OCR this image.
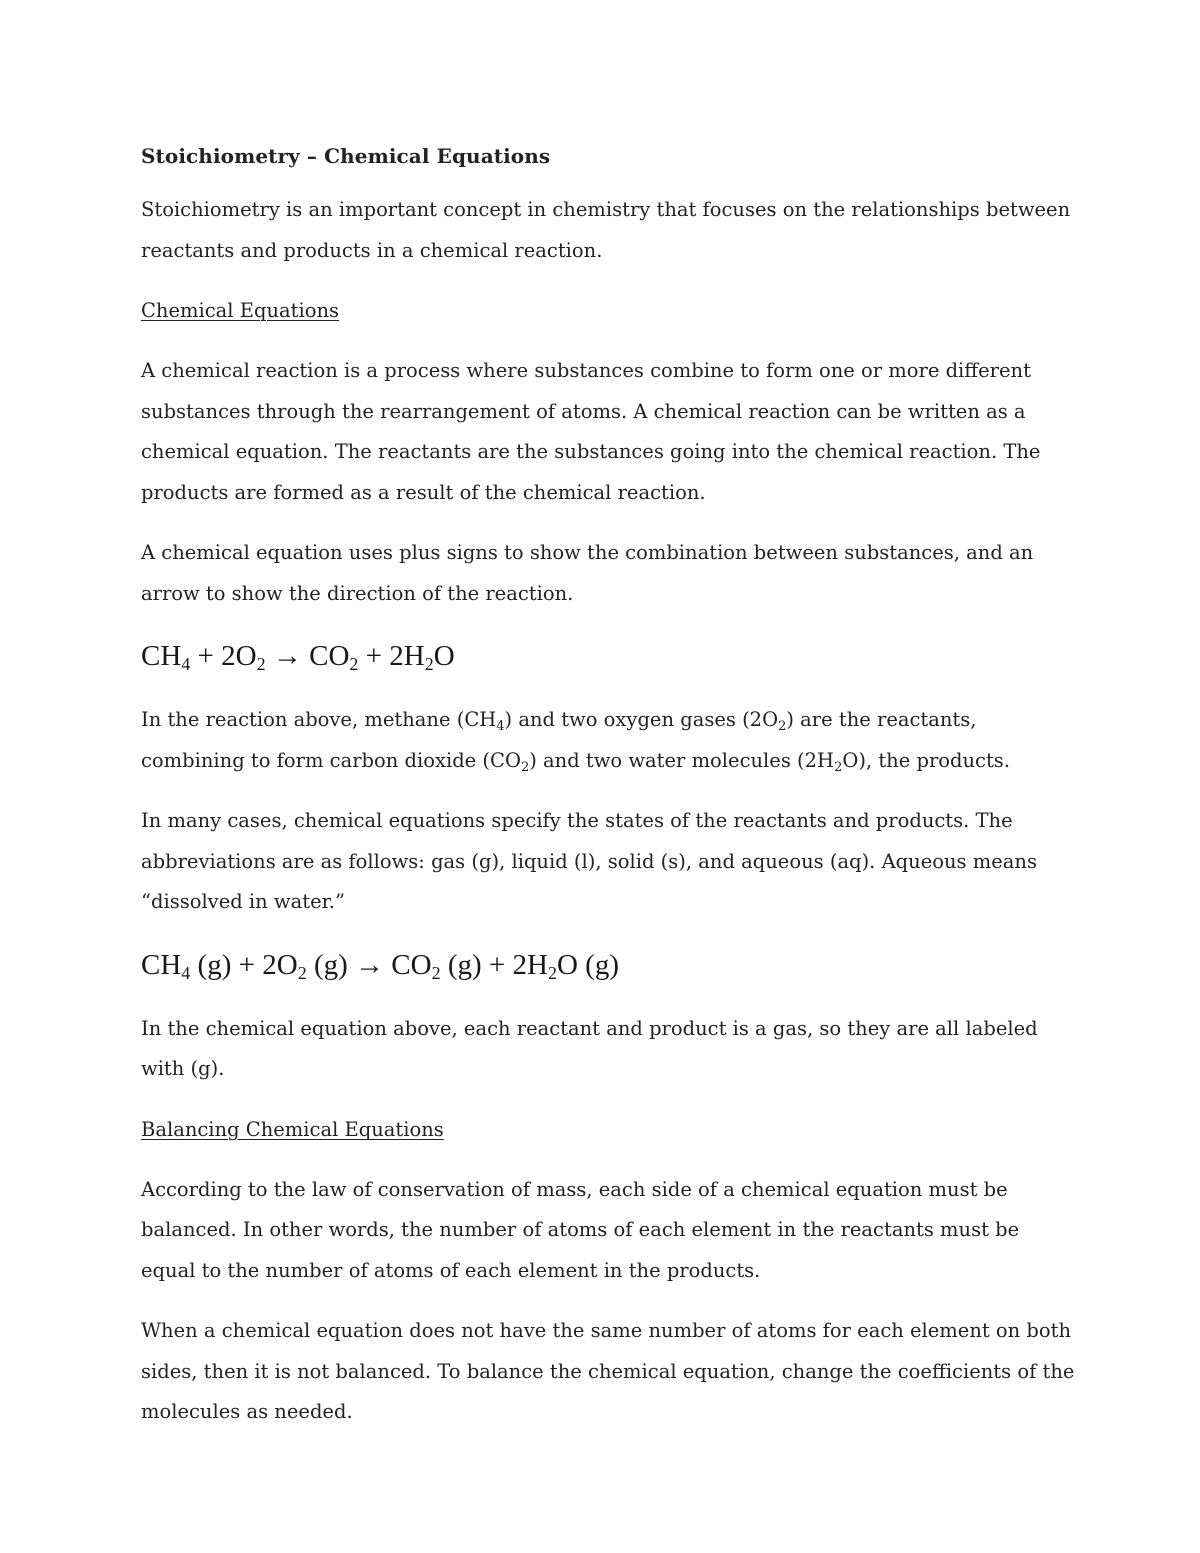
Stoichiometry – Chemical Equations

Stoichiometry is an important concept in chemistry that focuses on the relationships between reactants and products in a chemical reaction.

Chemical Equations

A chemical reaction is a process where substances combine to form one or more different substances through the rearrangement of atoms. A chemical reaction can be written as a chemical equation. The reactants are the substances going into the chemical reaction. The products are formed as a result of the chemical reaction.

A chemical equation uses plus signs to show the combination between substances, and an arrow to show the direction of the reaction.

$CH_4 + 2O_2 \to CO_2 + 2H_2O$

In the reaction above, methane $(CH_4)$ and two oxygen gases $(2O_2)$ are the reactants, combining to form carbon dioxide $(CO_2)$ and two water molecules $(2H_2O)$, the products.

In many cases, chemical equations specify the states of the reactants and products. The abbreviations are as follows: gas (g), liquid (l), solid (s), and aqueous (aq). Aqueous means “dissolved in water.”

$CH_4$ $(g) + 2O_2$ $(g) \to CO_2$ $(g) + 2H_2O$ (g)

In the chemical equation above, each reactant and product is a gas, so they are all labeled with (g).

Balancing Chemical Equations

According to the law of conservation of mass, each side of a chemical equation must be balanced. In other words, the number of atoms of each element in the reactants must be equal to the number of atoms of each element in the products.

When a chemical equation does not have the same number of atoms for each element on both sides, then it is not balanced. To balance the chemical equation, change the coefficients of the molecules as needed.
